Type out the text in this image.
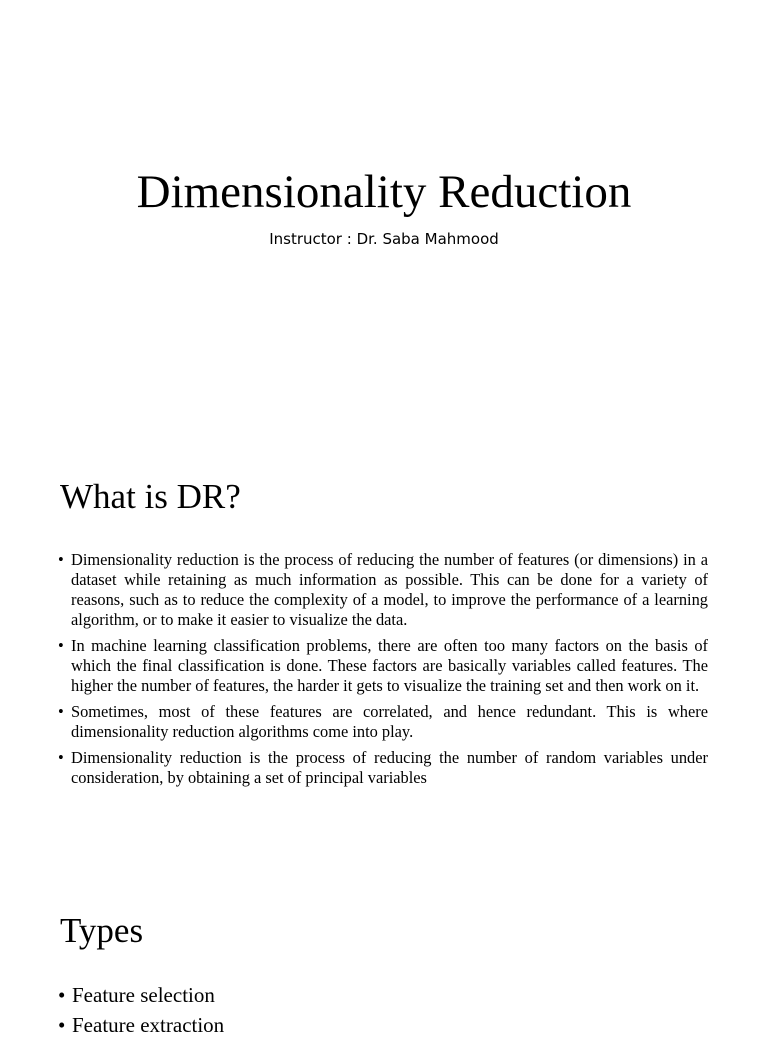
Dimensionality Reduction

Instructor : Dr. Saba Mahmood

What is DR?
• Dimensionality reduction is the process of reducing the number of features (or dimensions) in a dataset while retaining as much information as possible. This can be done for a variety of reasons, such as to reduce the complexity of a model, to improve the performance of a learning algorithm, or to make it easier to visualize the data.
• In machine learning classification problems, there are often too many factors on the basis of which the final classification is done. These factors are basically variables called features. The higher the number of features, the harder it gets to visualize the training set and then work on it.
• Sometimes, most of these features are correlated, and hence redundant. This is where dimensionality reduction algorithms come into play.
• Dimensionality reduction is the process of reducing the number of random variables under consideration, by obtaining a set of principal variables
Types
• Feature selection
• Feature extraction
